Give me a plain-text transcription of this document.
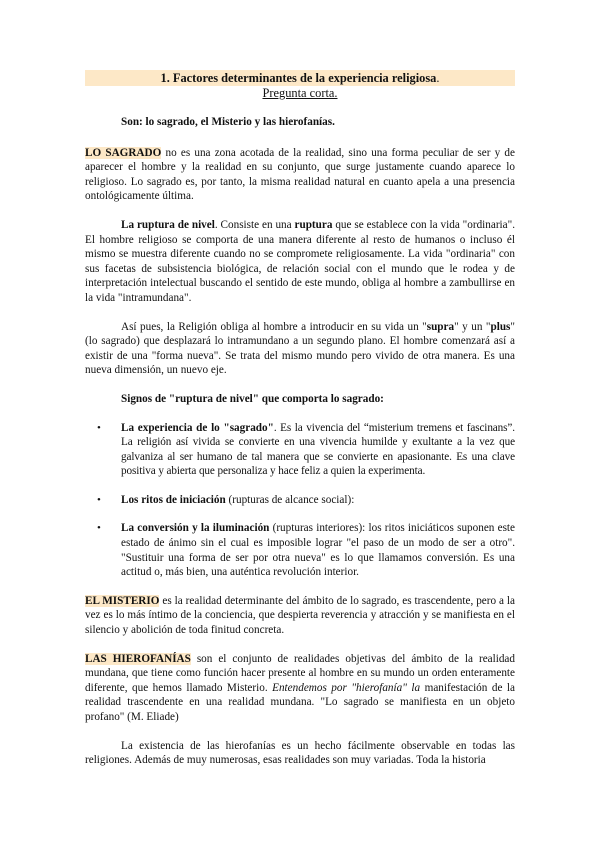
1. Factores determinantes de la experiencia religiosa.
Pregunta corta.
Son: lo sagrado, el Misterio y las hierofanías.

LO SAGRADO no es una zona acotada de la realidad, sino una forma peculiar de ser y de aparecer el hombre y la realidad en su conjunto, que surge justamente cuando aparece lo religioso. Lo sagrado es, por tanto, la misma realidad natural en cuanto apela a una presencia ontológicamente última.

La ruptura de nivel. Consiste en una ruptura que se establece con la vida "ordinaria". El hombre religioso se comporta de una manera diferente al resto de humanos o incluso él mismo se muestra diferente cuando no se compromete religiosamente. La vida "ordinaria" con sus facetas de subsistencia biológica, de relación social con el mundo que le rodea y de interpretación intelectual buscando el sentido de este mundo, obliga al hombre a zambullirse en la vida "intramundana".

Así pues, la Religión obliga al hombre a introducir en su vida un "supra" y un "plus" (lo sagrado) que desplazará lo intramundano a un segundo plano. El hombre comenzará así a existir de una "forma nueva". Se trata del mismo mundo pero vivido de otra manera. Es una nueva dimensión, un nuevo eje.

Signos de "ruptura de nivel" que comporta lo sagrado:
• La experiencia de lo "sagrado". Es la vivencia del “misterium tremens et fascinans”. La religión así vivida se convierte en una vivencia humilde y exultante a la vez que galvaniza al ser humano de tal manera que se convierte en apasionante. Es una clave positiva y abierta que personaliza y hace feliz a quien la experimenta.
• Los ritos de iniciación (rupturas de alcance social):
• La conversión y la iluminación (rupturas interiores): los ritos iniciáticos suponen este estado de ánimo sin el cual es imposible lograr "el paso de un modo de ser a otro". "Sustituir una forma de ser por otra nueva" es lo que llamamos conversión. Es una actitud o, más bien, una auténtica revolución interior.

EL MISTERIO es la realidad determinante del ámbito de lo sagrado, es trascendente, pero a la vez es lo más íntimo de la conciencia, que despierta reverencia y atracción y se manifiesta en el silencio y abolición de toda finitud concreta.

LAS HIEROFANÍAS son el conjunto de realidades objetivas del ámbito de la realidad mundana, que tiene como función hacer presente al hombre en su mundo un orden enteramente diferente, que hemos llamado Misterio. Entendemos por "hierofanía" la manifestación de la realidad trascendente en una realidad mundana. "Lo sagrado se manifiesta en un objeto profano" (M. Eliade)

La existencia de las hierofanías es un hecho fácilmente observable en todas las religiones. Además de muy numerosas, esas realidades son muy variadas. Toda la historia
